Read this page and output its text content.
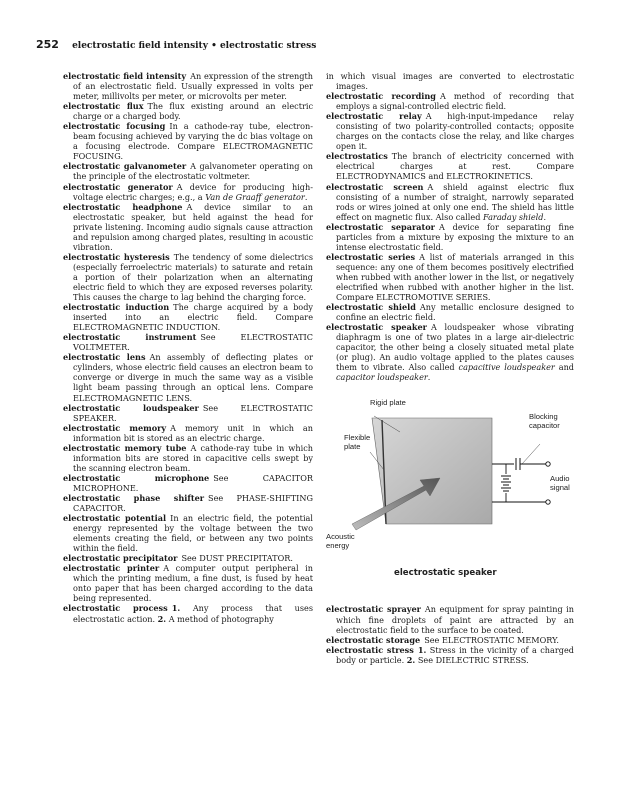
252 electrostatic field intensity • electrostatic stress

electrostatic field intensity An expression of the strength of an electrostatic field. Usually expressed in volts per meter, millivolts per meter, or microvolts per meter.

electrostatic flux The flux existing around an electric charge or a charged body.

electrostatic focusing In a cathode-ray tube, electron-beam focusing achieved by varying the dc bias voltage on a focusing electrode. Compare ELECTROMAGNETIC FOCUSING.

electrostatic galvanometer A galvanometer operating on the principle of the electrostatic voltmeter.

electrostatic generator A device for producing high-voltage electric charges; e.g., a Van de Graaff generator.

electrostatic headphone A device similar to an electrostatic speaker, but held against the head for private listening. Incoming audio signals cause attraction and repulsion among charged plates, resulting in acoustic vibration.

electrostatic hysteresis The tendency of some dielectrics (especially ferroelectric materials) to saturate and retain a portion of their polarization when an alternating electric field to which they are exposed reverses polarity. This causes the charge to lag behind the charging force.

electrostatic induction The charge acquired by a body inserted into an electric field. Compare ELECTROMAGNETIC INDUCTION.

electrostatic instrument See ELECTROSTATIC VOLTMETER.

electrostatic lens An assembly of deflecting plates or cylinders, whose electric field causes an electron beam to converge or diverge in much the same way as a visible light beam passing through an optical lens. Compare ELECTROMAGNETIC LENS.

electrostatic loudspeaker See ELECTROSTATIC SPEAKER.

electrostatic memory A memory unit in which an information bit is stored as an electric charge.

electrostatic memory tube A cathode-ray tube in which information bits are stored in capacitive cells swept by the scanning electron beam.

electrostatic microphone See CAPACITOR MICROPHONE.

electrostatic phase shifter See PHASE-SHIFTING CAPACITOR.

electrostatic potential In an electric field, the potential energy represented by the voltage between the two elements creating the field, or between any two points within the field.

electrostatic precipitator See DUST PRECIPITATOR.

electrostatic printer A computer output peripheral in which the printing medium, a fine dust, is fused by heat onto paper that has been charged according to the data being represented.

electrostatic process 1. Any process that uses electrostatic action. 2. A method of photography

in which visual images are converted to electrostatic images.

electrostatic recording A method of recording that employs a signal-controlled electric field.

electrostatic relay A high-input-impedance relay consisting of two polarity-controlled contacts; opposite charges on the contacts close the relay, and like charges open it.

electrostatics The branch of electricity concerned with electrical charges at rest. Compare ELECTRODYNAMICS and ELECTROKINETICS.

electrostatic screen A shield against electric flux consisting of a number of straight, narrowly separated rods or wires joined at only one end. The shield has little effect on magnetic flux. Also called Faraday shield.

electrostatic separator A device for separating fine particles from a mixture by exposing the mixture to an intense electrostatic field.

electrostatic series A list of materials arranged in this sequence: any one of them becomes positively electrified when rubbed with another lower in the list, or negatively electrified when rubbed with another higher in the list. Compare ELECTROMOTIVE SERIES.

electrostatic shield Any metallic enclosure designed to confine an electric field.

electrostatic speaker A loudspeaker whose vibrating diaphragm is one of two plates in a large air-dielectric capacitor, the other being a closely situated metal plate (or plug). An audio voltage applied to the plates causes them to vibrate. Also called capacitive loudspeaker and capacitor loudspeaker.

Rigid plate
Blocking capacitor
Flexible plate
Audio signal
Acoustic energy
electrostatic speaker

electrostatic sprayer An equipment for spray painting in which fine droplets of paint are attracted by an electrostatic field to the surface to be coated.

electrostatic storage See ELECTROSTATIC MEMORY.

electrostatic stress 1. Stress in the vicinity of a charged body or particle. 2. See DIELECTRIC STRESS.
